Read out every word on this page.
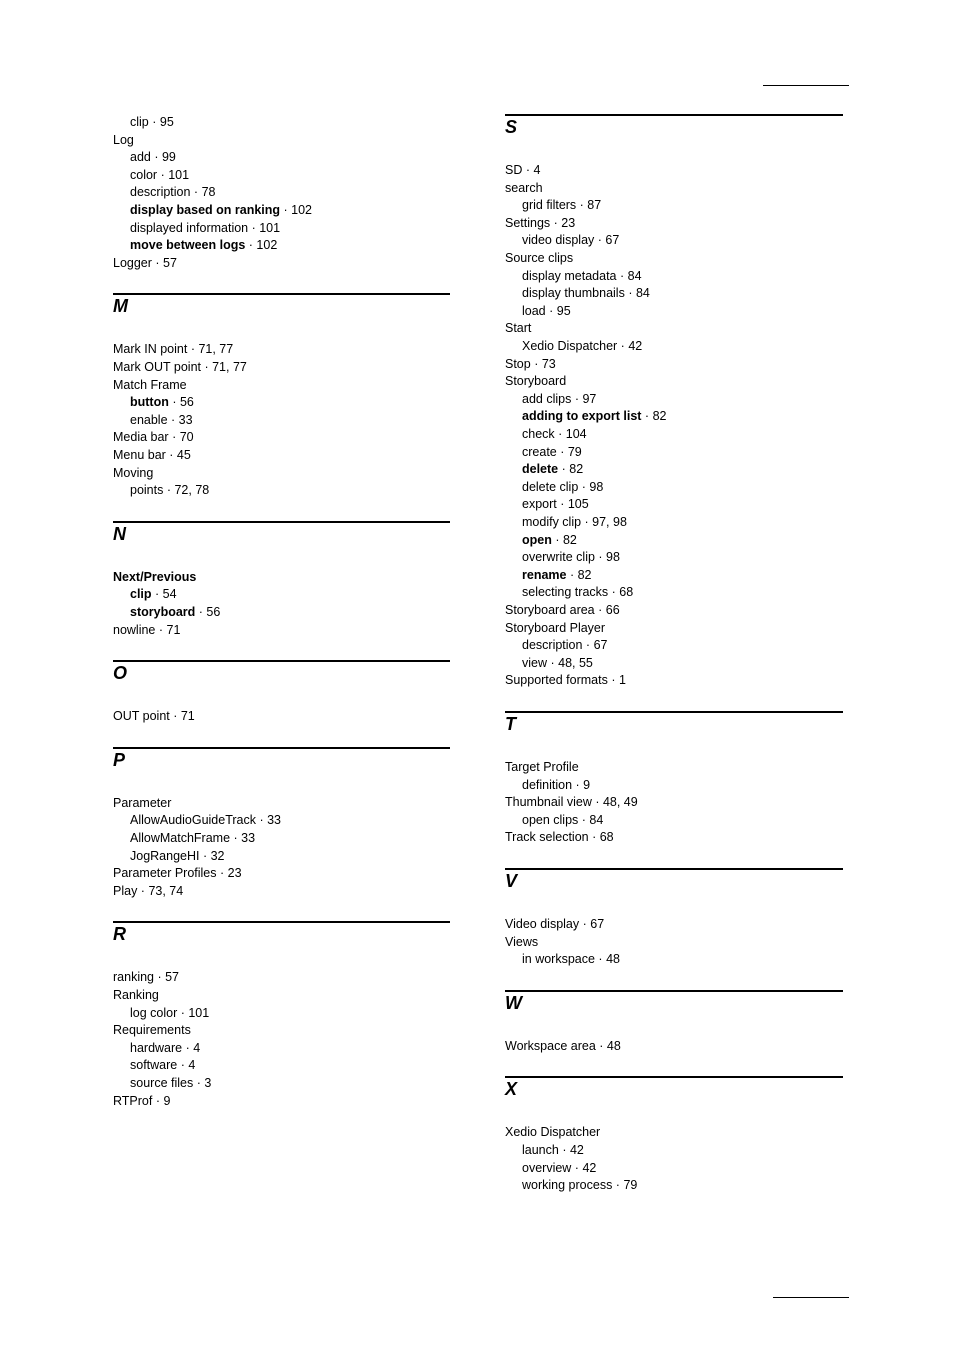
clip · 95
Log
add · 99
color · 101
description · 78
display based on ranking · 102
displayed information · 101
move between logs · 102
Logger · 57
M
Mark IN point · 71, 77
Mark OUT point · 71, 77
Match Frame
button · 56
enable · 33
Media bar · 70
Menu bar · 45
Moving
points · 72, 78
N
Next/Previous
clip · 54
storyboard · 56
nowline · 71
O
OUT point · 71
P
Parameter
AllowAudioGuideTrack · 33
AllowMatchFrame · 33
JogRangeHI · 32
Parameter Profiles · 23
Play · 73, 74
R
ranking · 57
Ranking
log color · 101
Requirements
hardware · 4
software · 4
source files · 3
RTProf · 9
S
SD · 4
search
grid filters · 87
Settings · 23
video display · 67
Source clips
display metadata · 84
display thumbnails · 84
load · 95
Start
Xedio Dispatcher · 42
Stop · 73
Storyboard
add clips · 97
adding to export list · 82
check · 104
create · 79
delete · 82
delete clip · 98
export · 105
modify clip · 97, 98
open · 82
overwrite clip · 98
rename · 82
selecting tracks · 68
Storyboard area · 66
Storyboard Player
description · 67
view · 48, 55
Supported formats · 1
T
Target Profile
definition · 9
Thumbnail view · 48, 49
open clips · 84
Track selection · 68
V
Video display · 67
Views
in workspace · 48
W
Workspace area · 48
X
Xedio Dispatcher
launch · 42
overview · 42
working process · 79
